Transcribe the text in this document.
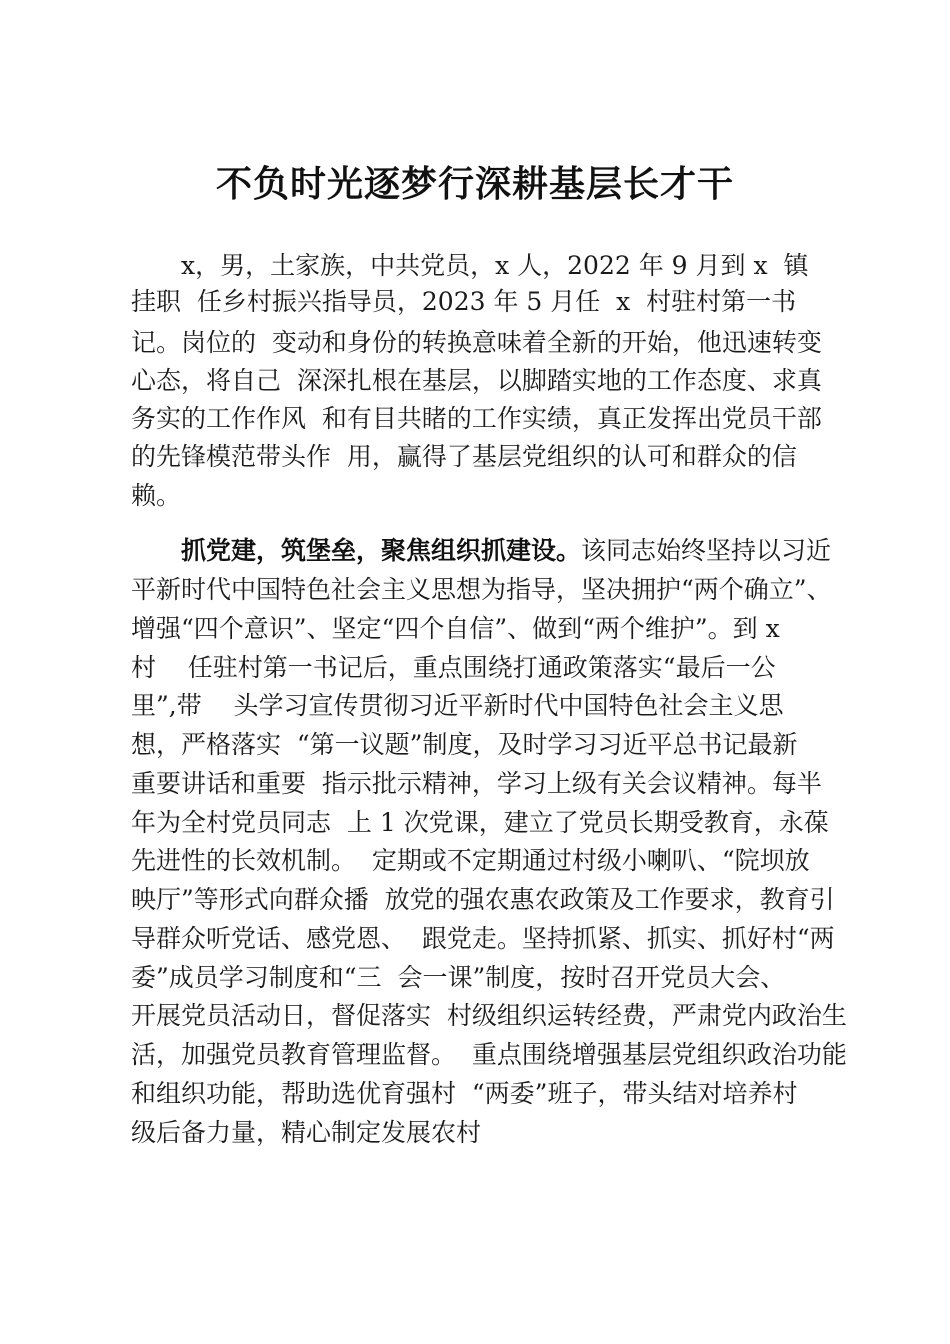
不负时光逐梦行深耕基层长才干
x，男，土家族，中共党员，x 人，2022 年 9 月到 x  镇
挂职  任乡村振兴指导员，2023 年 5 月任  x  村驻村第一书
记。岗位的  变动和身份的转换意味着全新的开始，他迅速转变
心态，将自己  深深扎根在基层，以脚踏实地的工作态度、求真
务实的工作作风  和有目共睹的工作实绩，真正发挥出党员干部
的先锋模范带头作  用，赢得了基层党组织的认可和群众的信
赖。
抓党建，筑堡垒，聚焦组织抓建设。该同志始终坚持以习近
平新时代中国特色社会主义思想为指导，坚决拥护“两个确立”、
增强“四个意识”、坚定“四个自信”、做到“两个维护”。到 x
村    任驻村第一书记后，重点围绕打通政策落实“最后一公
里”,带    头学习宣传贯彻习近平新时代中国特色社会主义思
想，严格落实  “第一议题”制度，及时学习习近平总书记最新
重要讲话和重要  指示批示精神，学习上级有关会议精神。每半
年为全村党员同志  上 1 次党课，建立了党员长期受教育，永葆
先进性的长效机制。  定期或不定期通过村级小喇叭、“院坝放
映厅”等形式向群众播  放党的强农惠农政策及工作要求，教育引
导群众听党话、感党恩、  跟党走。坚持抓紧、抓实、抓好村“两
委”成员学习制度和“三  会一课”制度，按时召开党员大会、
开展党员活动日，督促落实  村级组织运转经费，严肃党内政治生
活，加强党员教育管理监督。  重点围绕增强基层党组织政治功能
和组织功能，帮助选优育强村  “两委”班子，带头结对培养村
级后备力量，精心制定发展农村
